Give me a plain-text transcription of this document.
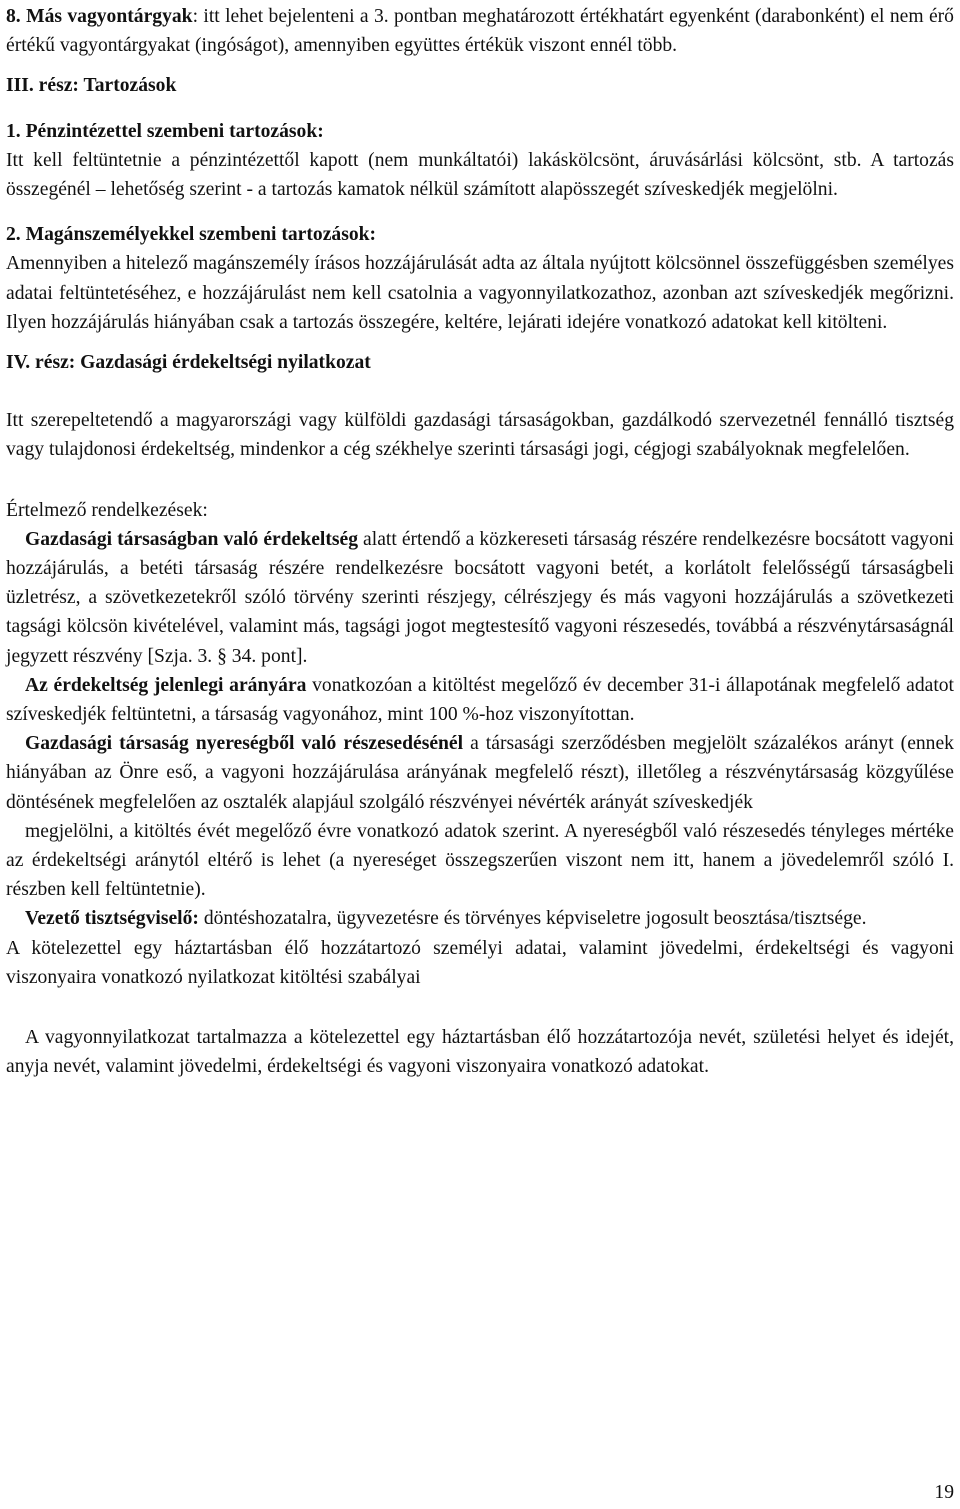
8. Más vagyontárgyak: itt lehet bejelenteni a 3. pontban meghatározott értékhatárt egyenként (darabonként) el nem érő értékű vagyontárgyakat (ingóságot), amennyiben együttes értékük viszont ennél több.

III. rész: Tartozások

1. Pénzintézettel szembeni tartozások:

Itt kell feltüntetnie a pénzintézettől kapott (nem munkáltatói) lakáskölcsönt, áruvásárlási kölcsönt, stb. A tartozás összegénél – lehetőség szerint - a tartozás kamatok nélkül számított alapösszegét szíveskedjék megjelölni.

2. Magánszemélyekkel szembeni tartozások:

Amennyiben a hitelező magánszemély írásos hozzájárulását adta az általa nyújtott kölcsönnel összefüggésben személyes adatai feltüntetéséhez, e hozzájárulást nem kell csatolnia a vagyonnyilatkozathoz, azonban azt szíveskedjék megőrizni. Ilyen hozzájárulás hiányában csak a tartozás összegére, keltére, lejárati idejére vonatkozó adatokat kell kitölteni.

IV. rész: Gazdasági érdekeltségi nyilatkozat

Itt szerepeltetendő a magyarországi vagy külföldi gazdasági társaságokban, gazdálkodó szervezetnél fennálló tisztség vagy tulajdonosi érdekeltség, mindenkor a cég székhelye szerinti társasági jogi, cégjogi szabályoknak megfelelően.

Értelmező rendelkezések:

Gazdasági társaságban való érdekeltség alatt értendő a közkereseti társaság részére rendelkezésre bocsátott vagyoni hozzájárulás, a betéti társaság részére rendelkezésre bocsátott vagyoni betét, a korlátolt felelősségű társaságbeli üzletrész, a szövetkezetekről szóló törvény szerinti részjegy, célrészjegy és más vagyoni hozzájárulás a szövetkezeti tagsági kölcsön kivételével, valamint más, tagsági jogot megtestesítő vagyoni részesedés, továbbá a részvénytársaságnál jegyzett részvény [Szja. 3. § 34. pont].

Az érdekeltség jelenlegi arányára vonatkozóan a kitöltést megelőző év december 31-i állapotának megfelelő adatot szíveskedjék feltüntetni, a társaság vagyonához, mint 100 %-hoz viszonyítottan.

Gazdasági társaság nyereségből való részesedésénél a társasági szerződésben megjelölt százalékos arányt (ennek hiányában az Önre eső, a vagyoni hozzájárulása arányának megfelelő részt), illetőleg a részvénytársaság közgyűlése döntésének megfelelően az osztalék alapjául szolgáló részvényei névérték arányát szíveskedjék

megjelölni, a kitöltés évét megelőző évre vonatkozó adatok szerint. A nyereségből való részesedés tényleges mértéke az érdekeltségi aránytól eltérő is lehet (a nyereséget összegszerűen viszont nem itt, hanem a jövedelemről szóló I. részben kell feltüntetnie).

Vezető tisztségviselő: döntéshozatalra, ügyvezetésre és törvényes képviseletre jogosult beosztása/tisztsége.

A kötelezettel egy háztartásban élő hozzátartozó személyi adatai, valamint jövedelmi, érdekeltségi és vagyoni viszonyaira vonatkozó nyilatkozat kitöltési szabályai

A vagyonnyilatkozat tartalmazza a kötelezettel egy háztartásban élő hozzátartozója nevét, születési helyet és idejét, anyja nevét, valamint jövedelmi, érdekeltségi és vagyoni viszonyaira vonatkozó adatokat.

19
